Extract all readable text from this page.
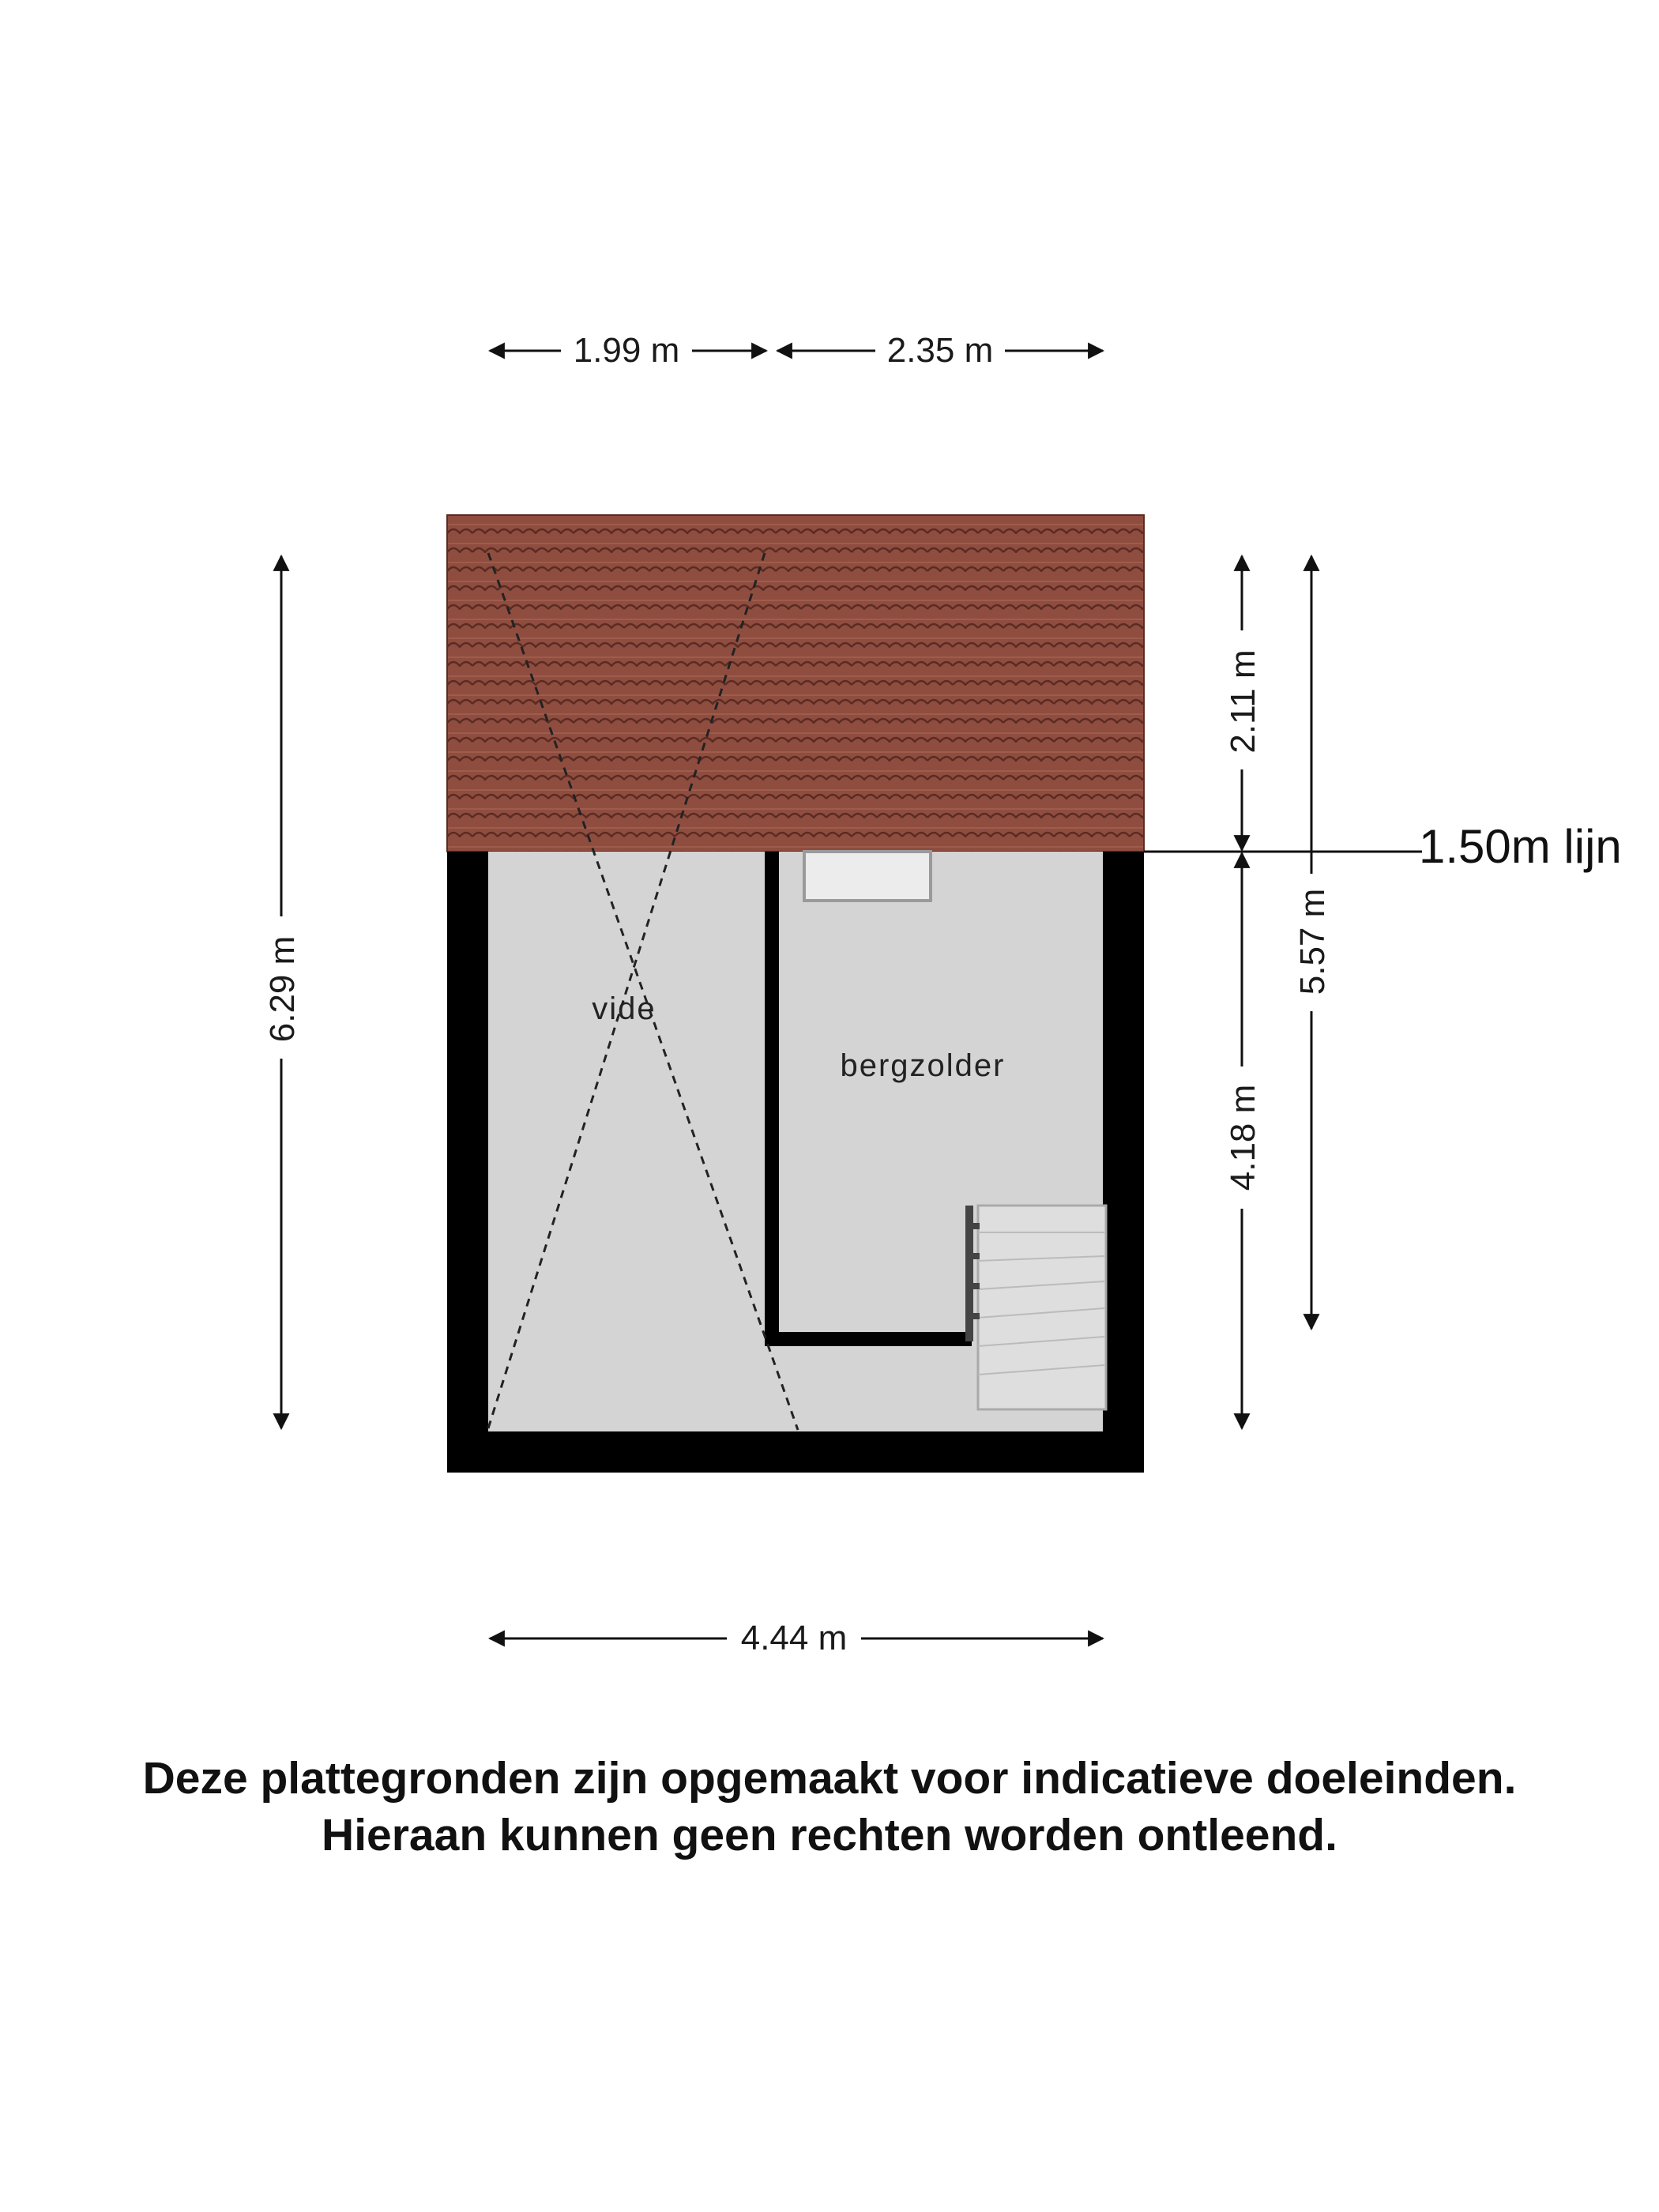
vide
bergzolder
1.50m lijn
1.99 m	2.35 m
4.44 m
6.29 m
2.11 m
4.18 m
5.57 m
Deze plattegronden zijn opgemaakt voor indicatieve doeleinden.
Hieraan kunnen geen rechten worden ontleend.
